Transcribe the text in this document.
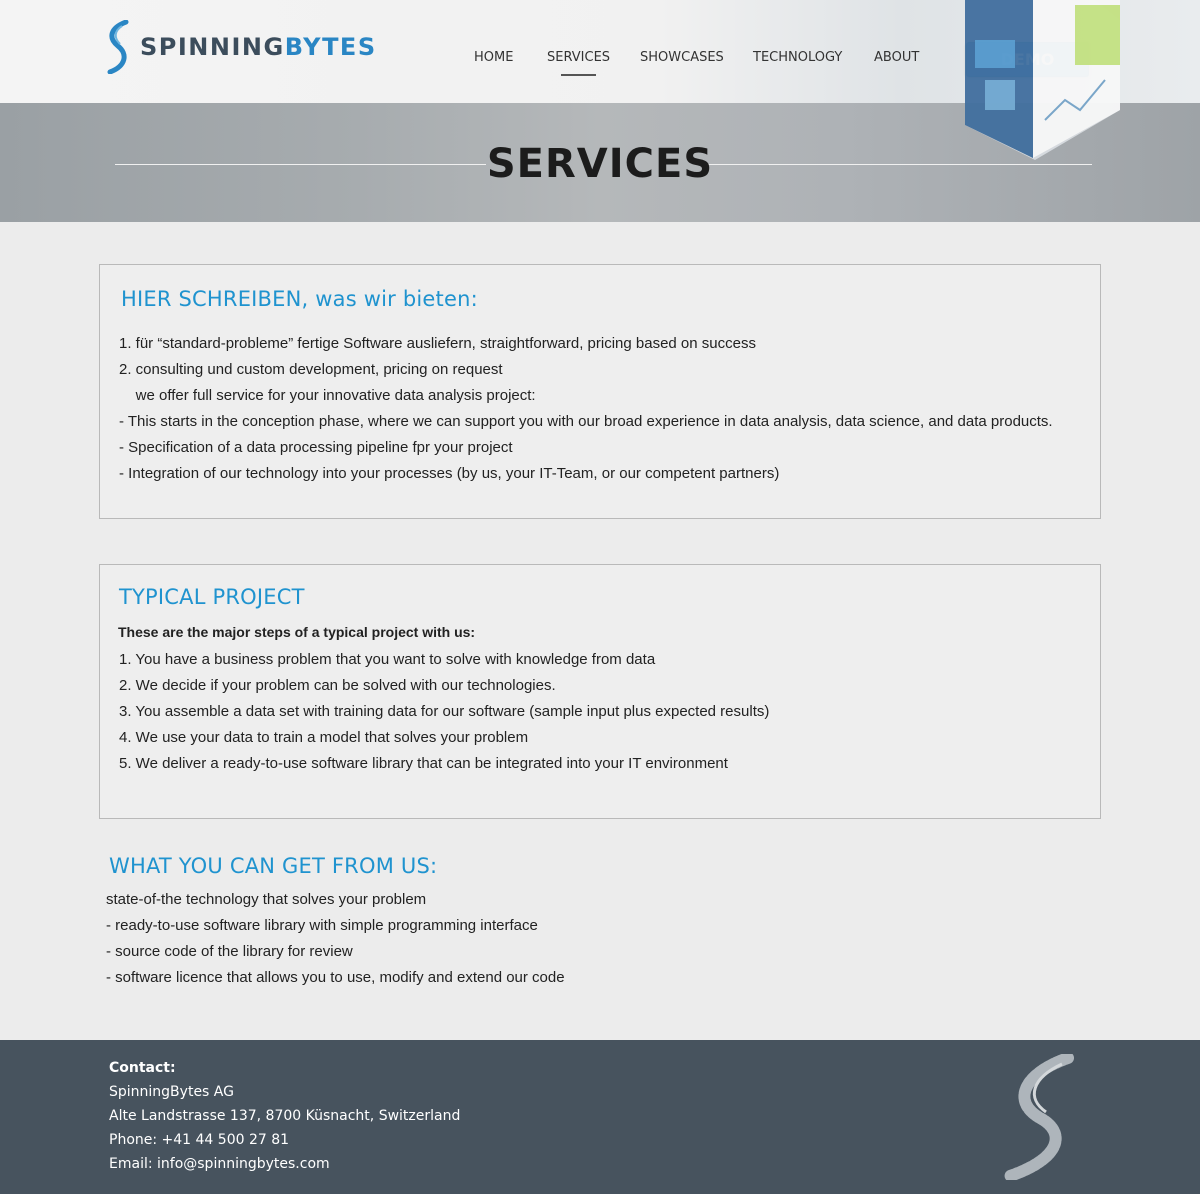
SPINNINGBYTES	HOME	SERVICES SHOWCASES TECHNOLOGY ABOUT
SERVICES
HIER SCHREIBEN, was wir bieten:
1. für “standard-probleme” fertige Software ausliefern, straightforward, pricing based on success
2. consulting und custom development, pricing on request
we offer full service for your innovative data analysis project:
- This starts in the conception phase, where we can support you with our broad experience in data analysis, data science, and data products.
- Specification of a data processing pipeline fpr your project
- Integration of our technology into your processes (by us, your IT-Team, or our competent partners)
TYPICAL PROJECT
These are the major steps of a typical project with us:
1. You have a business problem that you want to solve with knowledge from data
2. We decide if your problem can be solved with our technologies.
3. You assemble a data set with training data for our software (sample input plus expected results)
4. We use your data to train a model that solves your problem
5. We deliver a ready-to-use software library that can be integrated into your IT environment
WHAT YOU CAN GET FROM US:
state-of-the technology that solves your problem
- ready-to-use software library with simple programming interface
- source code of the library for review
- software licence that allows you to use, modify and extend our code
Contact:
SpinningBytes AG
Alte Landstrasse 137, 8700 Küsnacht, Switzerland
Phone: +41 44 500 27 81
Email: info@spinningbytes.com
